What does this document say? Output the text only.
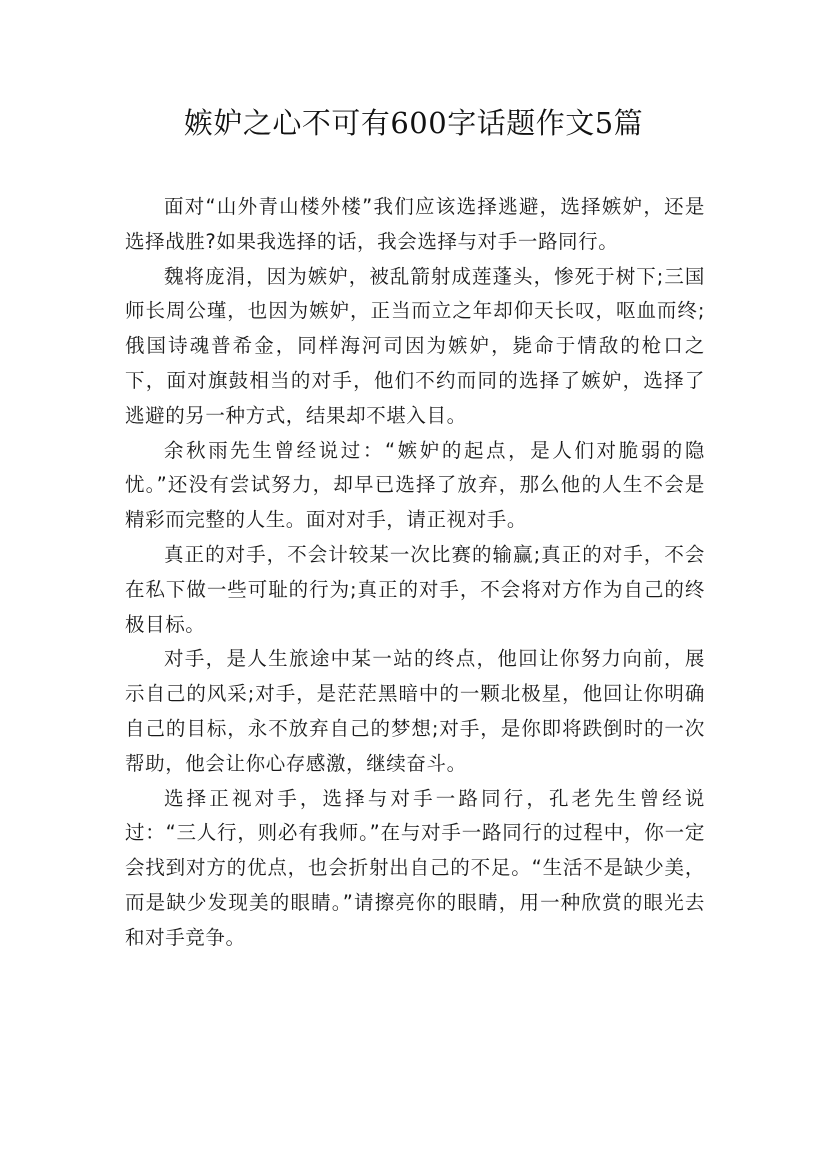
嫉妒之心不可有600字话题作文5篇

面对“山外青山楼外楼”我们应该选择逃避，选择嫉妒，还是选择战胜?如果我选择的话，我会选择与对手一路同行。

魏将庞涓，因为嫉妒，被乱箭射成莲蓬头，惨死于树下;三国师长周公瑾，也因为嫉妒，正当而立之年却仰天长叹，呕血而终;俄国诗魂普希金，同样海河司因为嫉妒，毙命于情敌的枪口之下，面对旗鼓相当的对手，他们不约而同的选择了嫉妒，选择了逃避的另一种方式，结果却不堪入目。

余秋雨先生曾经说过：“嫉妒的起点，是人们对脆弱的隐忧。”还没有尝试努力，却早已选择了放弃，那么他的人生不会是精彩而完整的人生。面对对手，请正视对手。

真正的对手，不会计较某一次比赛的输赢;真正的对手，不会在私下做一些可耻的行为;真正的对手，不会将对方作为自己的终极目标。

对手，是人生旅途中某一站的终点，他回让你努力向前，展示自己的风采;对手，是茫茫黑暗中的一颗北极星，他回让你明确自己的目标，永不放弃自己的梦想;对手，是你即将跌倒时的一次帮助，他会让你心存感激，继续奋斗。

选择正视对手，选择与对手一路同行，孔老先生曾经说过：“三人行，则必有我师。”在与对手一路同行的过程中，你一定会找到对方的优点，也会折射出自己的不足。“生活不是缺少美，而是缺少发现美的眼睛。”请擦亮你的眼睛，用一种欣赏的眼光去和对手竞争。
